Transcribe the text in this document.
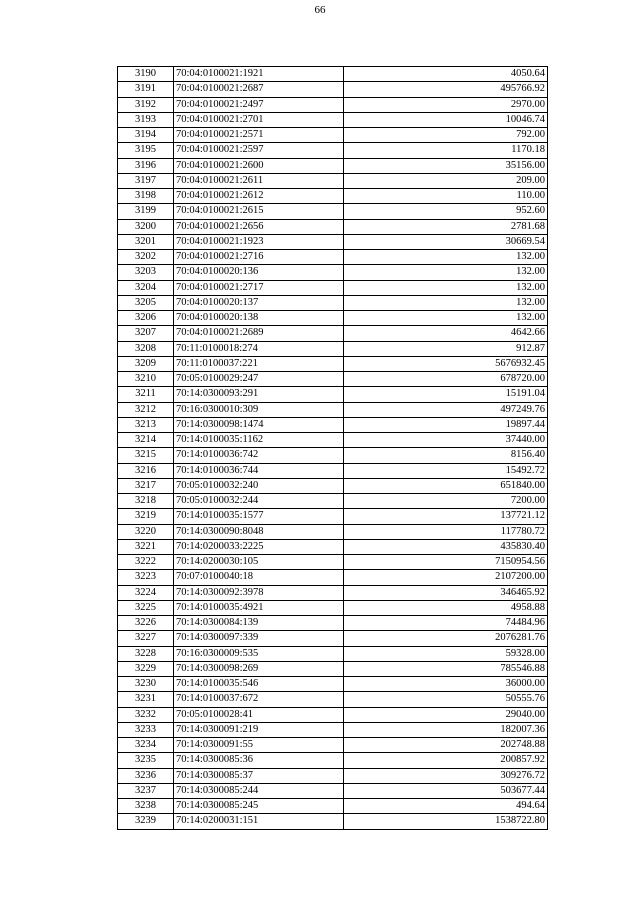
66
3190	70:04:0100021:1921	4050.64
3191	70:04:0100021:2687	495766.92
3192	70:04:0100021:2497	2970.00
3193	70:04:0100021:2701	10046.74
3194	70:04:0100021:2571	792.00
3195	70:04:0100021:2597	1170.18
3196	70:04:0100021:2600	35156.00
3197	70:04:0100021:2611	209.00
3198	70:04:0100021:2612	110.00
3199	70:04:0100021:2615	952.60
3200	70:04:0100021:2656	2781.68
3201	70:04:0100021:1923	30669.54
3202	70:04:0100021:2716	132.00
3203	70:04:0100020:136	132.00
3204	70:04:0100021:2717	132.00
3205	70:04:0100020:137	132.00
3206	70:04:0100020:138	132.00
3207	70:04:0100021:2689	4642.66
3208	70:11:0100018:274	912.87
3209	70:11:0100037:221	5676932.45
3210	70:05:0100029:247	678720.00
3211	70:14:0300093:291	15191.04
3212	70:16:0300010:309	497249.76
3213	70:14:0300098:1474	19897.44
3214	70:14:0100035:1162	37440.00
3215	70:14:0100036:742	8156.40
3216	70:14:0100036:744	15492.72
3217	70:05:0100032:240	651840.00
3218	70:05:0100032:244	7200.00
3219	70:14:0100035:1577	137721.12
3220	70:14:0300090:8048	117780.72
3221	70:14:0200033:2225	435830.40
3222	70:14:0200030:105	7150954.56
3223	70:07:0100040:18	2107200.00
3224	70:14:0300092:3978	346465.92
3225	70:14:0100035:4921	4958.88
3226	70:14:0300084:139	74484.96
3227	70:14:0300097:339	2076281.76
3228	70:16:0300009:535	59328.00
3229	70:14:0300098:269	785546.88
3230	70:14:0100035:546	36000.00
3231	70:14:0100037:672	50555.76
3232	70:05:0100028:41	29040.00
3233	70:14:0300091:219	182007.36
3234	70:14:0300091:55	202748.88
3235	70:14:0300085:36	200857.92
3236	70:14:0300085:37	309276.72
3237	70:14:0300085:244	503677.44
3238	70:14:0300085:245	494.64
3239	70:14:0200031:151	1538722.80
